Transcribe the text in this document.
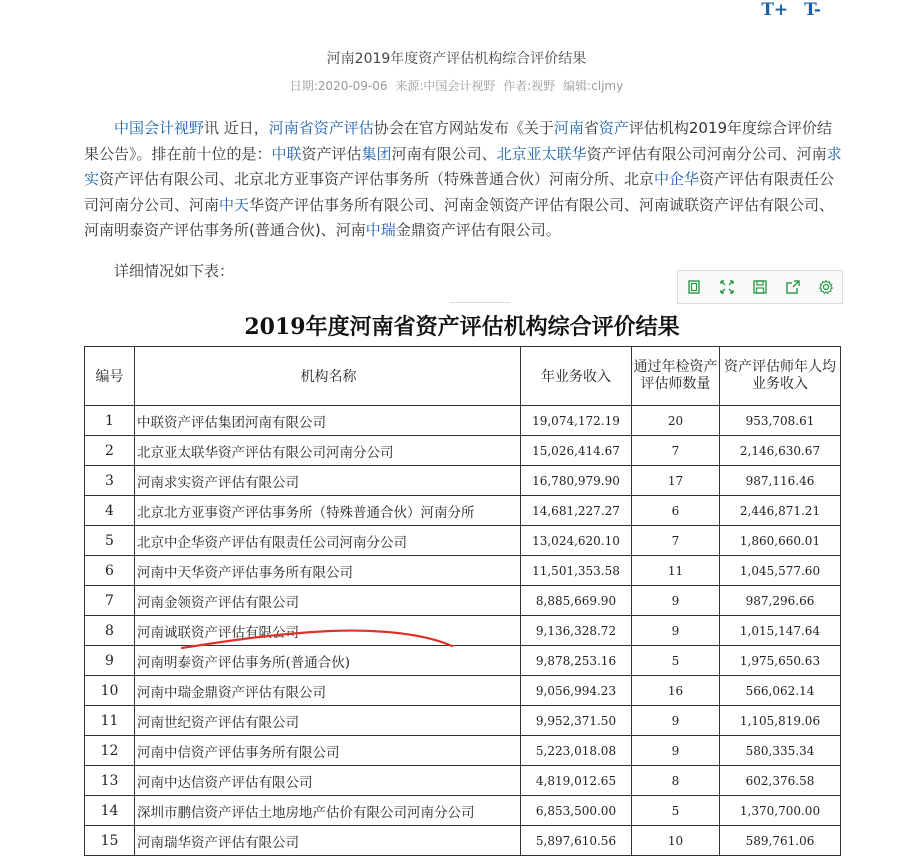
T+ T-
河南2019年度资产评估机构综合评价结果
日期:2020-09-06 来源:中国会计视野 作者:视野 编辑:cljmy
中国会计视野讯 近日，河南省资产评估协会在官方网站发布《关于河南省资产评估机构2019年度综合评价结果公告》。排在前十位的是：中联资产评估集团河南有限公司、北京亚太联华资产评估有限公司河南分公司、河南求实资产评估有限公司、北京北方亚事资产评估事务所（特殊普通合伙）河南分所、北京中企华资产评估有限责任公司河南分公司、河南中天华资产评估事务所有限公司、河南金领资产评估有限公司、河南诚联资产评估有限公司、河南明泰资产评估事务所(普通合伙)、河南中瑞金鼎资产评估有限公司。
详细情况如下表：
2019年度河南省资产评估机构综合评价结果
编号	机构名称	年业务收入	通过年检资产评估师数量	资产评估师年人均业务收入
1	中联资产评估集团河南有限公司	19,074,172.19	20	953,708.61
2	北京亚太联华资产评估有限公司河南分公司	15,026,414.67	7	2,146,630.67
3	河南求实资产评估有限公司	16,780,979.90	17	987,116.46
4	北京北方亚事资产评估事务所（特殊普通合伙）河南分所	14,681,227.27	6	2,446,871.21
5	北京中企华资产评估有限责任公司河南分公司	13,024,620.10	7	1,860,660.01
6	河南中天华资产评估事务所有限公司	11,501,353.58	11	1,045,577.60
7	河南金领资产评估有限公司	8,885,669.90	9	987,296.66
8	河南诚联资产评估有限公司	9,136,328.72	9	1,015,147.64
9	河南明泰资产评估事务所(普通合伙)	9,878,253.16	5	1,975,650.63
10	河南中瑞金鼎资产评估有限公司	9,056,994.23	16	566,062.14
11	河南世纪资产评估有限公司	9,952,371.50	9	1,105,819.06
12	河南中信资产评估事务所有限公司	5,223,018.08	9	580,335.34
13	河南中达信资产评估有限公司	4,819,012.65	8	602,376.58
14	深圳市鹏信资产评估土地房地产估价有限公司河南分公司	6,853,500.00	5	1,370,700.00
15	河南瑞华资产评估有限公司	5,897,610.56	10	589,761.06
